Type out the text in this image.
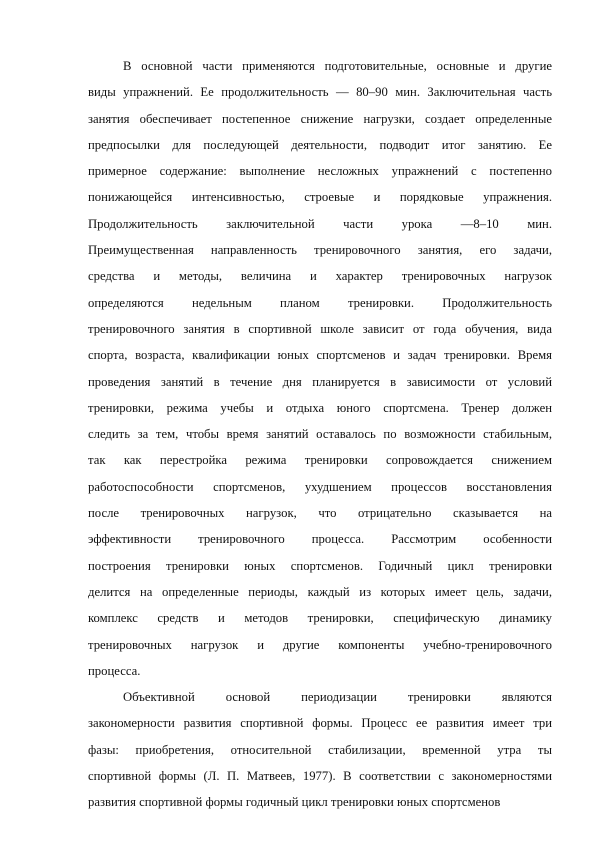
В основной части применяются подготовительные, основные и другие
виды упражнений. Ее продолжительность — 80–90 мин. Заключительная часть
занятия обеспечивает постепенное снижение нагрузки, создает определенные
предпосылки для последующей деятельности, подводит итог занятию. Ее
примерное содержание: выполнение несложных упражнений с постепенно
понижающейся интенсивностью, строевые и порядковые упражнения.
Продолжительность заключительной части урока —8–10 мин.
Преимущественная направленность тренировочного занятия, его задачи,
средства и методы, величина и характер тренировочных нагрузок
определяются недельным планом тренировки. Продолжительность
тренировочного занятия в спортивной школе зависит от года обучения, вида
спорта, возраста, квалификации юных спортсменов и задач тренировки. Время
проведения занятий в течение дня планируется в зависимости от условий
тренировки, режима учебы и отдыха юного спортсмена. Тренер должен
следить за тем, чтобы время занятий оставалось по возможности стабильным,
так как перестройка режима тренировки сопровождается снижением
работоспособности спортсменов, ухудшением процессов восстановления
после тренировочных нагрузок, что отрицательно сказывается на
эффективности тренировочного процесса. Рассмотрим особенности
построения тренировки юных спортсменов. Годичный цикл тренировки
делится на определенные периоды, каждый из которых имеет цель, задачи,
комплекс средств и методов тренировки, специфическую динамику
тренировочных нагрузок и другие компоненты учебно-тренировочного
процесса.
Объективной основой периодизации тренировки являются
закономерности развития спортивной формы. Процесс ее развития имеет три
фазы: приобретения, относительной стабилизации, временной утра ты
спортивной формы (Л. П. Матвеев, 1977). В соответствии с закономерностями
развития спортивной формы годичный цикл тренировки юных спортсменов
